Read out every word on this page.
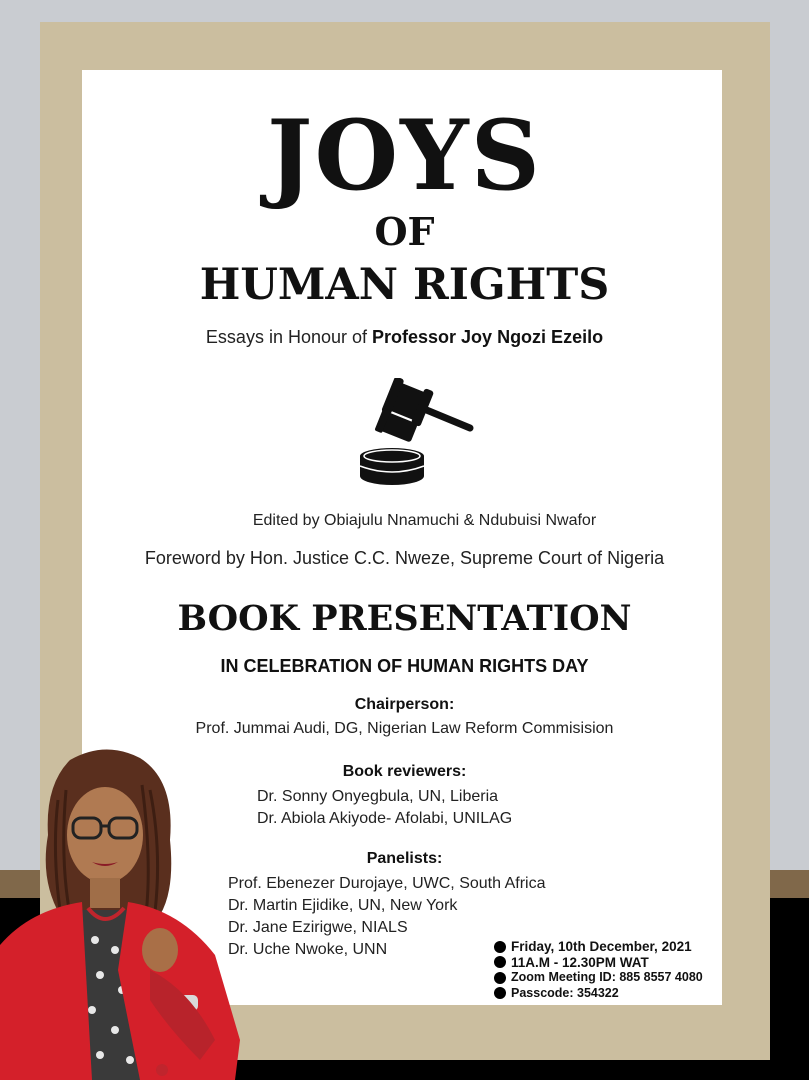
JOYS
OF
HUMAN RIGHTS
Essays in Honour of Professor Joy Ngozi Ezeilo
Edited by Obiajulu Nnamuchi & Ndubuisi Nwafor
Foreword by Hon. Justice C.C. Nweze, Supreme Court of Nigeria
BOOK PRESENTATION
IN CELEBRATION OF HUMAN RIGHTS DAY
Chairperson:
Prof. Jummai Audi, DG, Nigerian Law Reform Commisision
Book reviewers:
Dr. Sonny Onyegbula, UN, Liberia
Dr. Abiola Akiyode- Afolabi, UNILAG
Panelists:
Prof. Ebenezer Durojaye, UWC, South Africa
Dr. Martin Ejidike, UN, New York
Dr. Jane Ezirigwe, NIALS
Dr. Uche Nwoke, UNN	Friday, 10th December, 2021
11A.M - 12.30PM WAT
Zoom Meeting ID: 885 8557 4080
Passcode: 354322
